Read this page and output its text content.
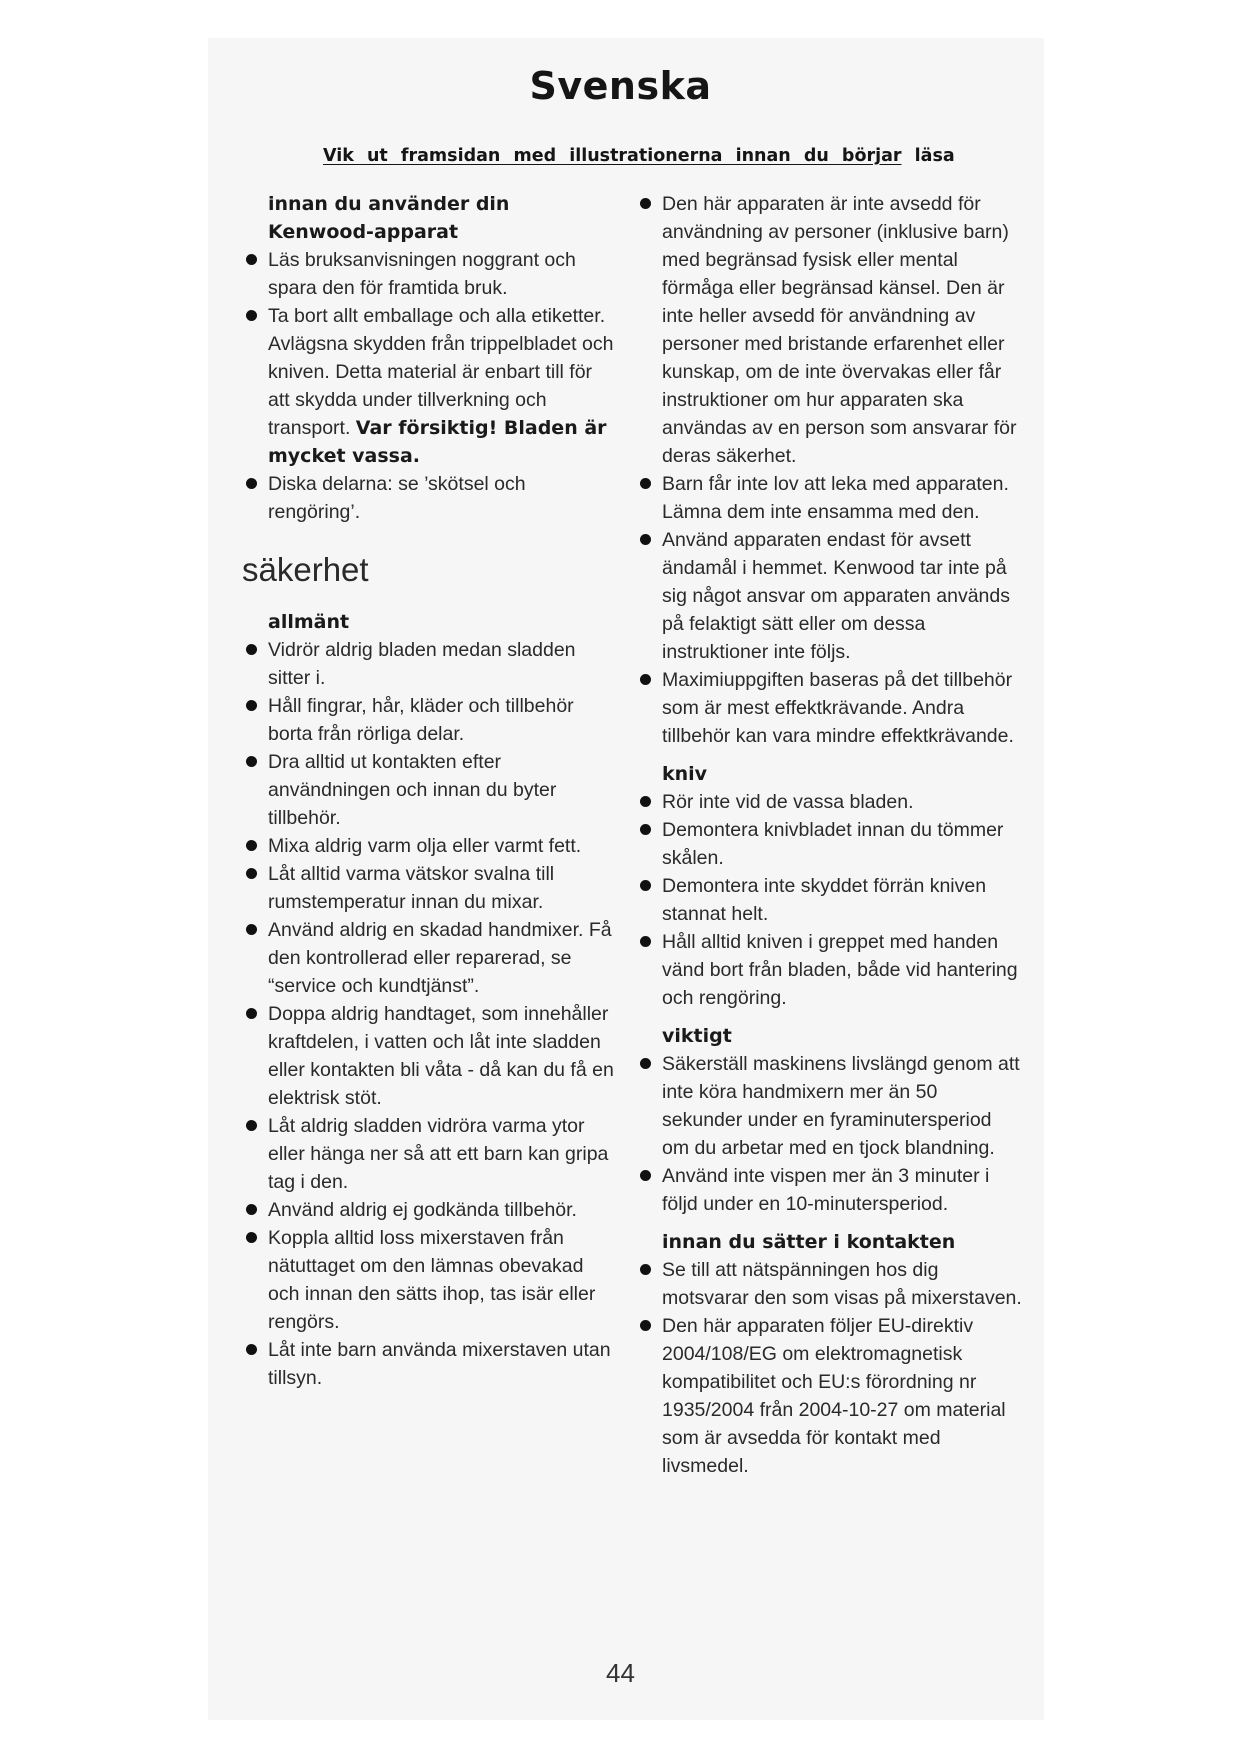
Svenska
Vik ut framsidan med illustrationerna innan du börjar läsa
innan du använder din Kenwood-apparat
Läs bruksanvisningen noggrant och spara den för framtida bruk.
Ta bort allt emballage och alla etiketter. Avlägsna skydden från trippelbladet och kniven. Detta material är enbart till för att skydda under tillverkning och transport. Var försiktig! Bladen är mycket vassa.
Diska delarna: se ’skötsel och rengöring’.
säkerhet
allmänt
Vidrör aldrig bladen medan sladden sitter i.
Håll fingrar, hår, kläder och tillbehör borta från rörliga delar.
Dra alltid ut kontakten efter användningen och innan du byter tillbehör.
Mixa aldrig varm olja eller varmt fett.
Låt alltid varma vätskor svalna till rumstemperatur innan du mixar.
Använd aldrig en skadad handmixer. Få den kontrollerad eller reparerad, se “service och kundtjänst”.
Doppa aldrig handtaget, som innehåller kraftdelen, i vatten och låt inte sladden eller kontakten bli våta - då kan du få en elektrisk stöt.
Låt aldrig sladden vidröra varma ytor eller hänga ner så att ett barn kan gripa tag i den.
Använd aldrig ej godkända tillbehör.
Koppla alltid loss mixerstaven från nätuttaget om den lämnas obevakad och innan den sätts ihop, tas isär eller rengörs.
Låt inte barn använda mixerstaven utan tillsyn.
Den här apparaten är inte avsedd för användning av personer (inklusive barn) med begränsad fysisk eller mental förmåga eller begränsad känsel. Den är inte heller avsedd för användning av personer med bristande erfarenhet eller kunskap, om de inte övervakas eller får instruktioner om hur apparaten ska användas av en person som ansvarar för deras säkerhet.
Barn får inte lov att leka med apparaten. Lämna dem inte ensamma med den.
Använd apparaten endast för avsett ändamål i hemmet. Kenwood tar inte på sig något ansvar om apparaten används på felaktigt sätt eller om dessa instruktioner inte följs.
Maximiuppgiften baseras på det tillbehör som är mest effektkrävande. Andra tillbehör kan vara mindre effektkrävande.
kniv
Rör inte vid de vassa bladen.
Demontera knivbladet innan du tömmer skålen.
Demontera inte skyddet förrän kniven stannat helt.
Håll alltid kniven i greppet med handen vänd bort från bladen, både vid hantering och rengöring.
viktigt
Säkerställ maskinens livslängd genom att inte köra handmixern mer än 50 sekunder under en fyraminutersperiod om du arbetar med en tjock blandning.
Använd inte vispen mer än 3 minuter i följd under en 10-minutersperiod.
innan du sätter i kontakten
Se till att nätspänningen hos dig motsvarar den som visas på mixerstaven.
Den här apparaten följer EU-direktiv 2004/108/EG om elektromagnetisk kompatibilitet och EU:s förordning nr 1935/2004 från 2004-10-27 om material som är avsedda för kontakt med livsmedel.
44
